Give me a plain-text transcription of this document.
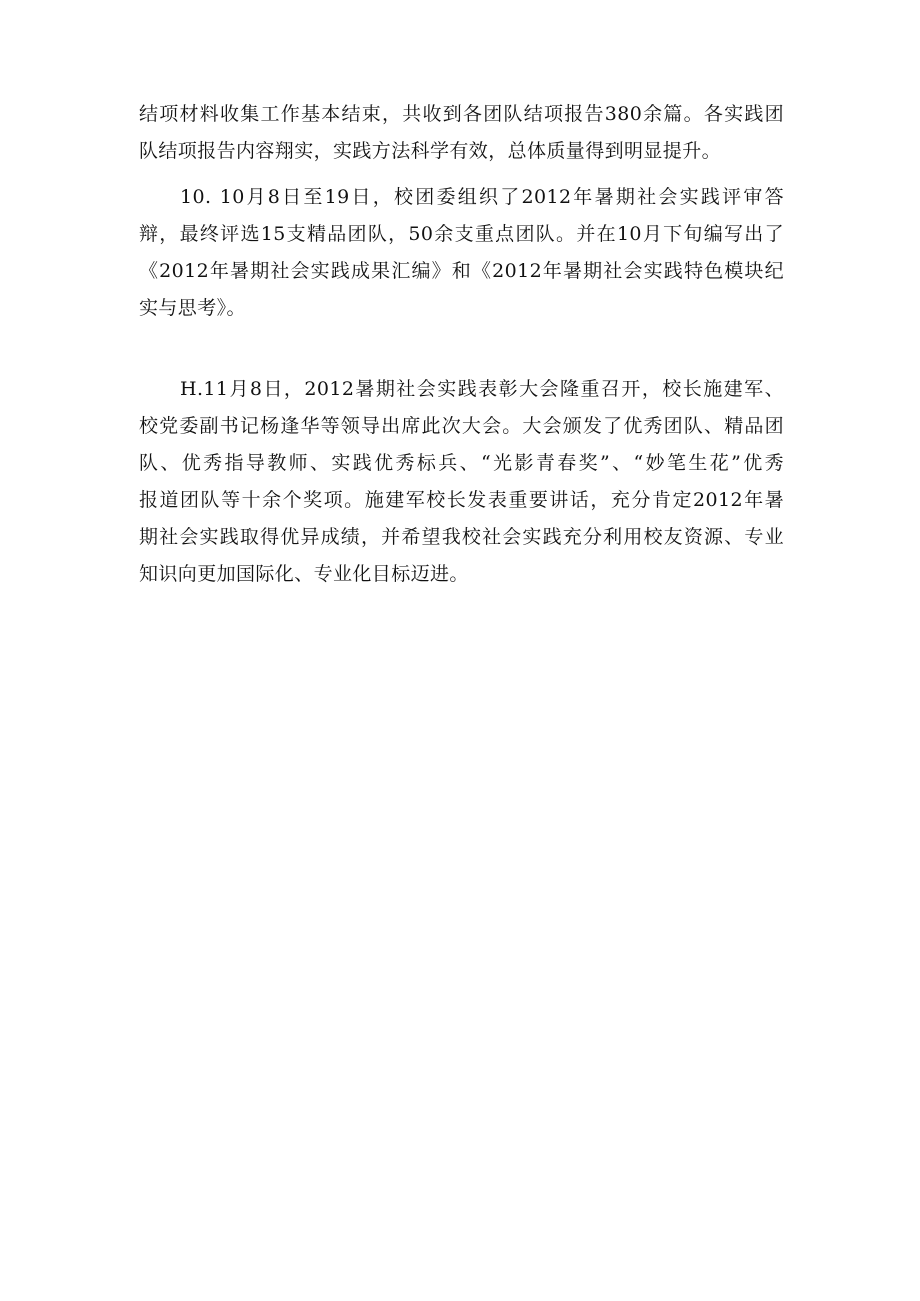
结项材料收集工作基本结束，共收到各团队结项报告380余篇。各实践团
队结项报告内容翔实，实践方法科学有效，总体质量得到明显提升。
10. 10月8日至19日，校团委组织了2012年暑期社会实践评审答
辩，最终评选15支精品团队，50余支重点团队。并在10月下旬编写出了
《2012年暑期社会实践成果汇编》和《2012年暑期社会实践特色模块纪
实与思考》。
H.11月8日，2012暑期社会实践表彰大会隆重召开，校长施建军、
校党委副书记杨逢华等领导出席此次大会。大会颁发了优秀团队、精品团
队、优秀指导教师、实践优秀标兵、“光影青春奖”、“妙笔生花”优秀
报道团队等十余个奖项。施建军校长发表重要讲话，充分肯定2012年暑
期社会实践取得优异成绩，并希望我校社会实践充分利用校友资源、专业
知识向更加国际化、专业化目标迈进。
